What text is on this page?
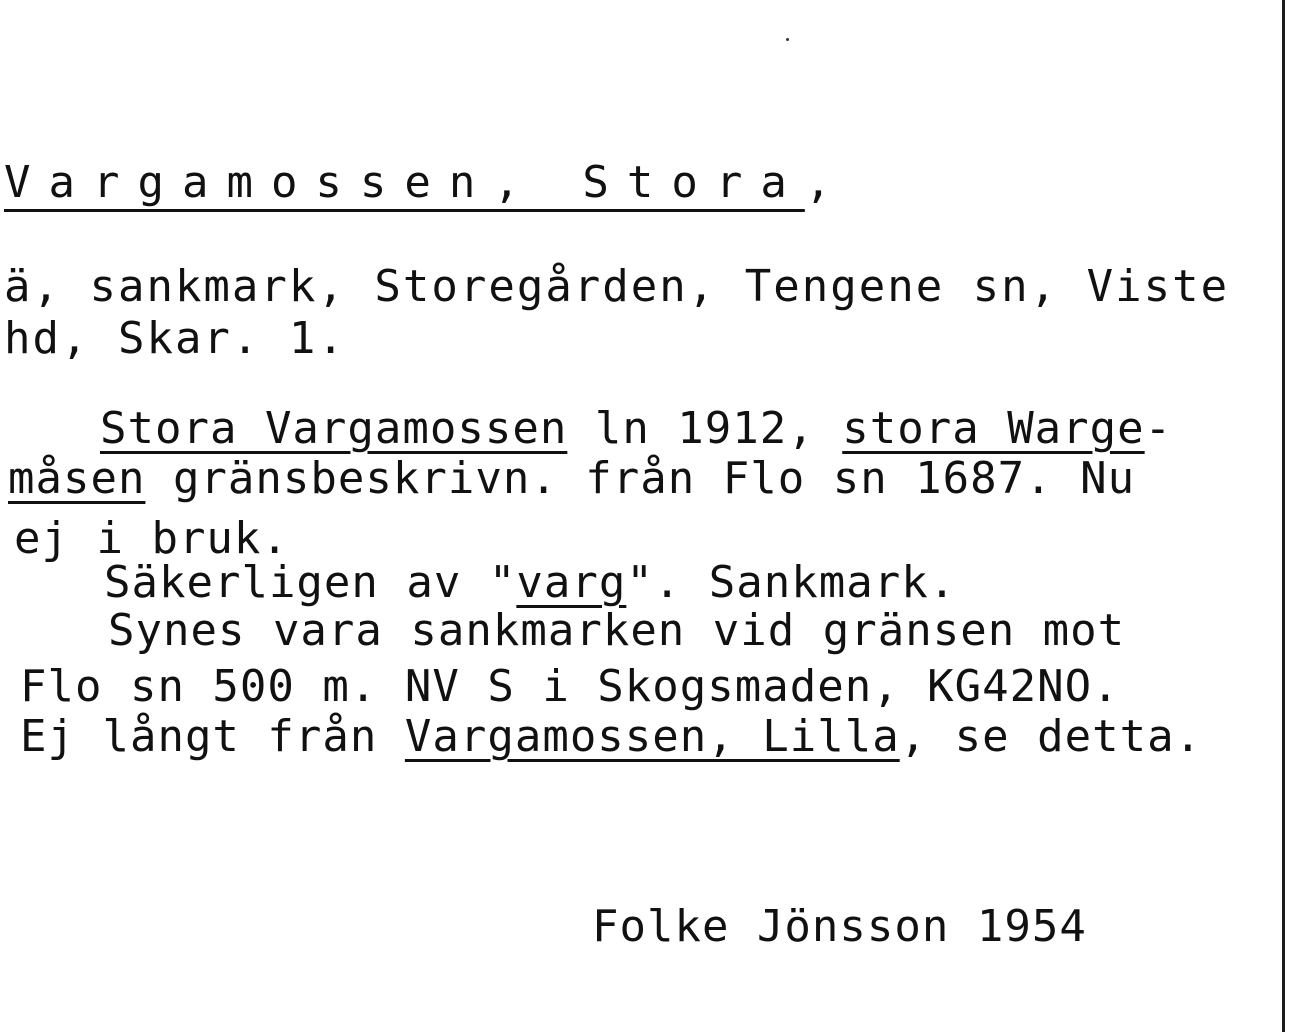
Vargamossen, Stora,
ä, sankmark, Storegården, Tengene sn, Viste
hd, Skar. 1.
Stora Vargamossen ln 1912, stora Warge-
måsen gränsbeskrivn. från Flo sn 1687. Nu
ej i bruk.
Säkerligen av "varg". Sankmark.
Synes vara sankmarken vid gränsen mot
Flo sn 500 m. NV S i Skogsmaden, KG42NO.
Ej långt från Vargamossen, Lilla, se detta.
Folke Jönsson 1954
